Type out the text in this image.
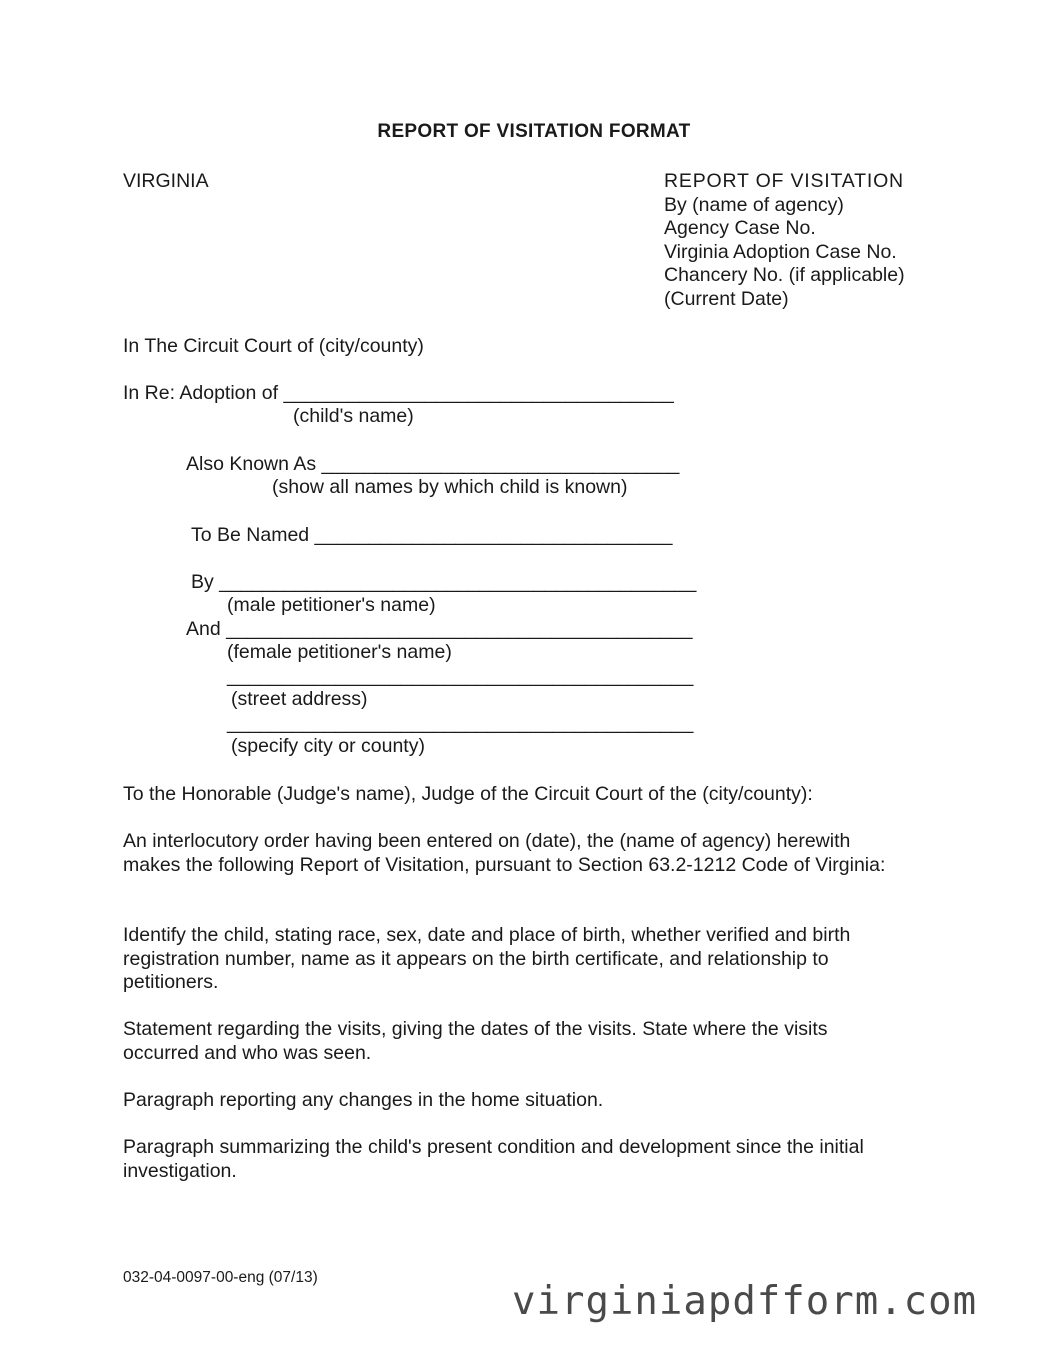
REPORT OF VISITATION FORMAT
VIRGINIA	REPORT OF VISITATION
By (name of agency)
Agency Case No.
Virginia Adoption Case No.
Chancery No. (if applicable)
(Current Date)
In The Circuit Court of (city/county)
In Re: Adoption of ____________________________________
(child's name)
Also Known As _________________________________
(show all names by which child is known)
To Be Named _________________________________
By ____________________________________________
(male petitioner's name)
And ___________________________________________
(female petitioner's name)
___________________________________________
(street address)
___________________________________________
(specify city or county)
To the Honorable (Judge's name), Judge of the Circuit Court of the (city/county):
An interlocutory order having been entered on (date), the (name of agency) herewith makes the following Report of Visitation, pursuant to Section 63.2-1212 Code of Virginia:
Identify the child, stating race, sex, date and place of birth, whether verified and birth registration number, name as it appears on the birth certificate, and relationship to petitioners.
Statement regarding the visits, giving the dates of the visits. State where the visits occurred and who was seen.
Paragraph reporting any changes in the home situation.
Paragraph summarizing the child's present condition and development since the initial investigation.
032-04-0097-00-eng (07/13)
virginiapdfform.com
